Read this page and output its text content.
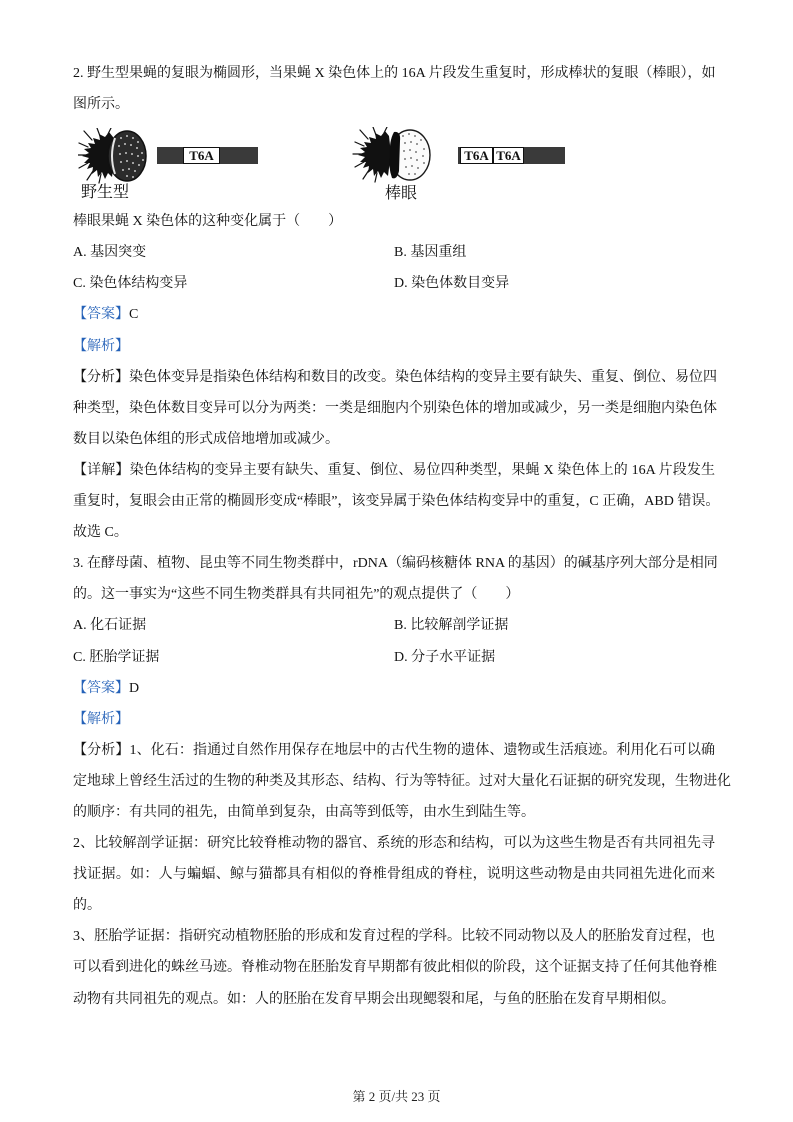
2. 野生型果蝇的复眼为椭圆形，当果蝇 X 染色体上的 16A 片段发生重复时，形成棒状的复眼（棒眼），如
图所示。
野生型
T6A
棒眼
T6A T6A
棒眼果蝇 X 染色体的这种变化属于（　　）
A. 基因突变	B. 基因重组
C. 染色体结构变异	D. 染色体数目变异
【答案】C
【解析】
【分析】染色体变异是指染色体结构和数目的改变。染色体结构的变异主要有缺失、重复、倒位、易位四
种类型，染色体数目变异可以分为两类：一类是细胞内个别染色体的增加或减少，另一类是细胞内染色体
数目以染色体组的形式成倍地增加或减少。
【详解】染色体结构的变异主要有缺失、重复、倒位、易位四种类型，果蝇 X 染色体上的 16A 片段发生
重复时，复眼会由正常的椭圆形变成“棒眼”，该变异属于染色体结构变异中的重复，C 正确，ABD 错误。
故选 C。
3. 在酵母菌、植物、昆虫等不同生物类群中，rDNA（编码核糖体 RNA 的基因）的碱基序列大部分是相同
的。这一事实为“这些不同生物类群具有共同祖先”的观点提供了（　　）
A. 化石证据	B. 比较解剖学证据
C. 胚胎学证据	D. 分子水平证据
【答案】D
【解析】
【分析】1、化石：指通过自然作用保存在地层中的古代生物的遗体、遗物或生活痕迹。利用化石可以确
定地球上曾经生活过的生物的种类及其形态、结构、行为等特征。过对大量化石证据的研究发现，生物进化
的顺序：有共同的祖先，由简单到复杂，由高等到低等，由水生到陆生等。
2、比较解剖学证据：研究比较脊椎动物的器官、系统的形态和结构，可以为这些生物是否有共同祖先寻
找证据。如：人与蝙蝠、鲸与猫都具有相似的脊椎骨组成的脊柱，说明这些动物是由共同祖先进化而来
的。
3、胚胎学证据：指研究动植物胚胎的形成和发育过程的学科。比较不同动物以及人的胚胎发育过程，也
可以看到进化的蛛丝马迹。脊椎动物在胚胎发育早期都有彼此相似的阶段，这个证据支持了任何其他脊椎
动物有共同祖先的观点。如：人的胚胎在发育早期会出现鳃裂和尾，与鱼的胚胎在发育早期相似。
第 2 页/共 23 页
